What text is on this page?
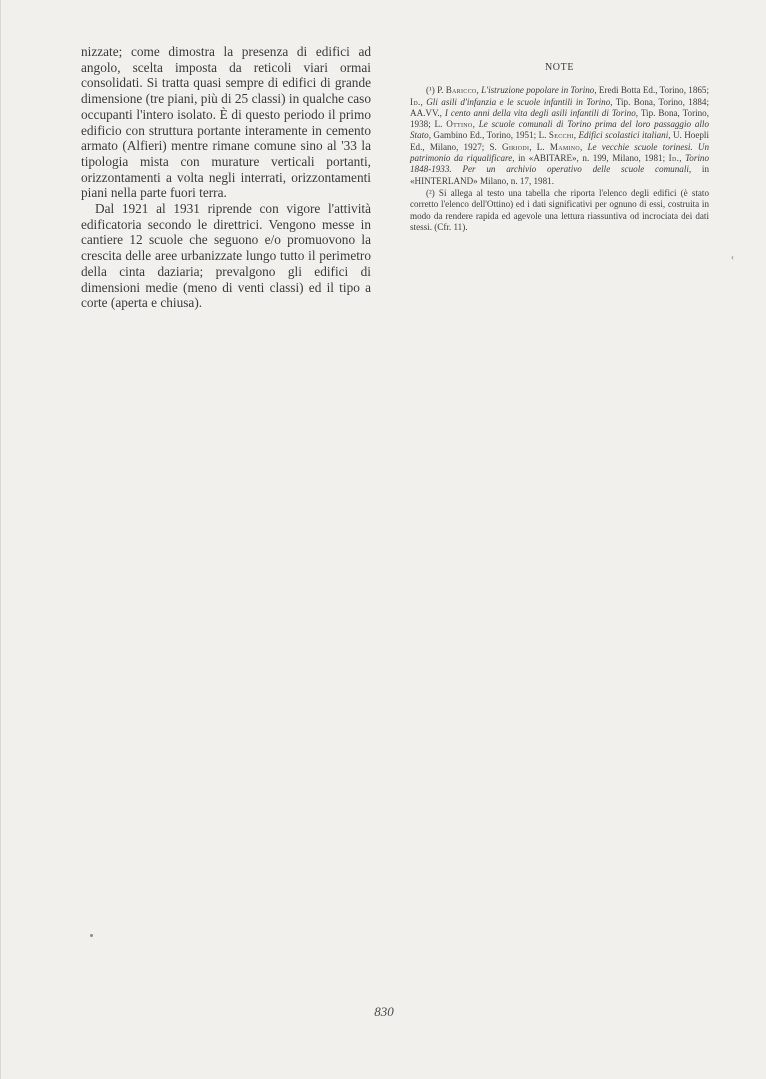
nizzate; come dimostra la presenza di edifici ad angolo, scelta imposta da reticoli viari ormai consolidati. Si tratta quasi sempre di edifici di grande dimensione (tre piani, più di 25 classi) in qualche caso occupanti l'intero isolato. È di questo periodo il primo edificio con struttura portante interamente in cemento armato (Alfieri) mentre rimane comune sino al '33 la tipologia mista con murature verticali portanti, orizzontamenti a volta negli interrati, orizzontamenti piani nella parte fuori terra.

Dal 1921 al 1931 riprende con vigore l'attività edificatoria secondo le direttrici. Vengono messe in cantiere 12 scuole che seguono e/o promuovono la crescita delle aree urbanizzate lungo tutto il perimetro della cinta daziaria; prevalgono gli edifici di dimensioni medie (meno di venti classi) ed il tipo a corte (aperta e chiusa).

NOTE

(¹) P. Baricco, L'istruzione popolare in Torino, Eredi Botta Ed., Torino, 1865; Id., Gli asili d'infanzia e le scuole infantili in Torino, Tip. Bona, Torino, 1884; AA.VV., I cento anni della vita degli asili infantili di Torino, Tip. Bona, Torino, 1938; L. Ottino, Le scuole comunali di Torino prima del loro passaggio allo Stato, Gambino Ed., Torino, 1951; L. Secchi, Edifici scolastici italiani, U. Hoepli Ed., Milano, 1927; S. Giriodi, L. Mamino, Le vecchie scuole torinesi. Un patrimonio da riqualificare, in «ABITARE», n. 199, Milano, 1981; Id., Torino 1848-1933. Per un archivio operativo delle scuole comunali, in «HINTERLAND» Milano, n. 17, 1981.

(²) Si allega al testo una tabella che riporta l'elenco degli edifici (è stato corretto l'elenco dell'Ottino) ed i dati significativi per ognuno di essi, costruita in modo da rendere rapida ed agevole una lettura riassuntiva od incrociata dei dati stessi. (Cfr. 11).

‹
830
